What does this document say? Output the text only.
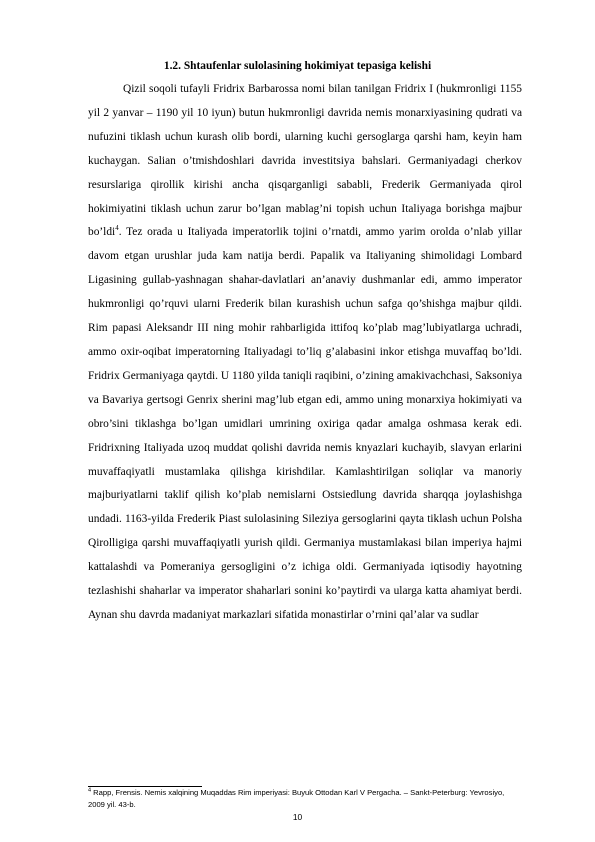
1.2. Shtaufenlar sulolasining hokimiyat tepasiga kelishi

Qizil soqoli tufayli Fridrix Barbarossa nomi bilan tanilgan Fridrix I (hukmronligi 1155 yil 2 yanvar – 1190 yil 10 iyun) butun hukmronligi davrida nemis monarxiyasining qudrati va nufuzini tiklash uchun kurash olib bordi, ularning kuchi gersoglarga qarshi ham, keyin ham kuchaygan. Salian o’tmishdoshlari davrida investitsiya bahslari. Germaniyadagi cherkov resurslariga qirollik kirishi ancha qisqarganligi sababli, Frederik Germaniyada qirol hokimiyatini tiklash uchun zarur bo’lgan mablag’ni topish uchun Italiyaga borishga majbur bo’ldi$^4$. Tez orada u Italiyada imperatorlik tojini o’rnatdi, ammo yarim orolda o’nlab yillar davom etgan urushlar juda kam natija berdi. Papalik va Italiyaning shimolidagi Lombard Ligasining gullab-yashnagan shahar-davlatlari an’anaviy dushmanlar edi, ammo imperator hukmronligi qo’rquvi ularni Frederik bilan kurashish uchun safga qo’shishga majbur qildi. Rim papasi Aleksandr III ning mohir rahbarligida ittifoq ko’plab mag’lubiyatlarga uchradi, ammo oxir-oqibat imperatorning Italiyadagi to’liq g’alabasini inkor etishga muvaffaq bo’ldi. Fridrix Germaniyaga qaytdi. U 1180 yilda taniqli raqibini, o’zining amakivachchasi, Saksoniya va Bavariya gertsogi Genrix sherini mag’lub etgan edi, ammo uning monarxiya hokimiyati va obro’sini tiklashga bo’lgan umidlari umrining oxiriga qadar amalga oshmasa kerak edi. Fridrixning Italiyada uzoq muddat qolishi davrida nemis knyazlari kuchayib, slavyan erlarini muvaffaqiyatli mustamlaka qilishga kirishdilar. Kamlashtirilgan soliqlar va manoriy majburiyatlarni taklif qilish ko’plab nemislarni Ostsiedlung davrida sharqqa joylashishga undadi. 1163-yilda Frederik Piast sulolasining Sileziya gersoglarini qayta tiklash uchun Polsha Qirolligiga qarshi muvaffaqiyatli yurish qildi. Germaniya mustamlakasi bilan imperiya hajmi kattalashdi va Pomeraniya gersogligini o’z ichiga oldi. Germaniyada iqtisodiy hayotning tezlashishi shaharlar va imperator shaharlari sonini ko’paytirdi va ularga katta ahamiyat berdi. Aynan shu davrda madaniyat markazlari sifatida monastirlar o’rnini qal’alar va sudlar

$^4$ Rapp, Frensis. Nemis xalqining Muqaddas Rim imperiyasi: Buyuk Ottodan Karl V Pergacha. – Sankt-Peterburg: Yevrosiyo, 2009 yil. 43-b.

10
